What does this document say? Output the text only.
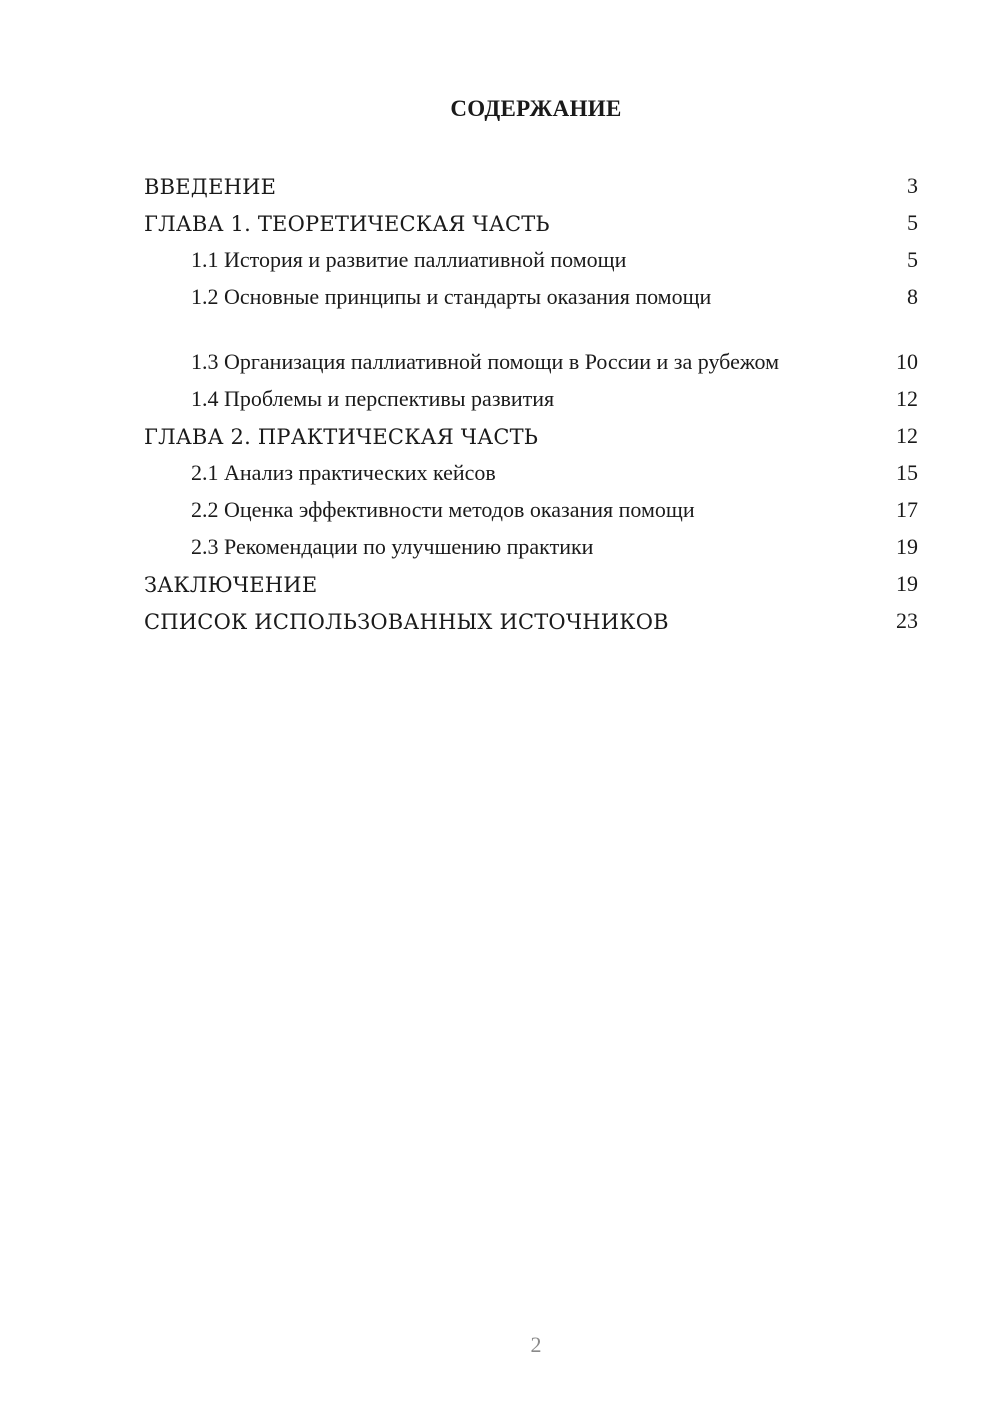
СОДЕРЖАНИЕ
ВВЕДЕНИЕ	3
ГЛАВА 1. ТЕОРЕТИЧЕСКАЯ ЧАСТЬ	5
1.1 История и развитие паллиативной помощи	5
1.2 Основные принципы и стандарты оказания помощи	8
1.3 Организация паллиативной помощи в России и за рубежом	10
1.4 Проблемы и перспективы развития	12
ГЛАВА 2. ПРАКТИЧЕСКАЯ ЧАСТЬ	12
2.1 Анализ практических кейсов	15
2.2 Оценка эффективности методов оказания помощи	17
2.3 Рекомендации по улучшению практики	19
ЗАКЛЮЧЕНИЕ	19
СПИСОК ИСПОЛЬЗОВАННЫХ ИСТОЧНИКОВ	23
2
